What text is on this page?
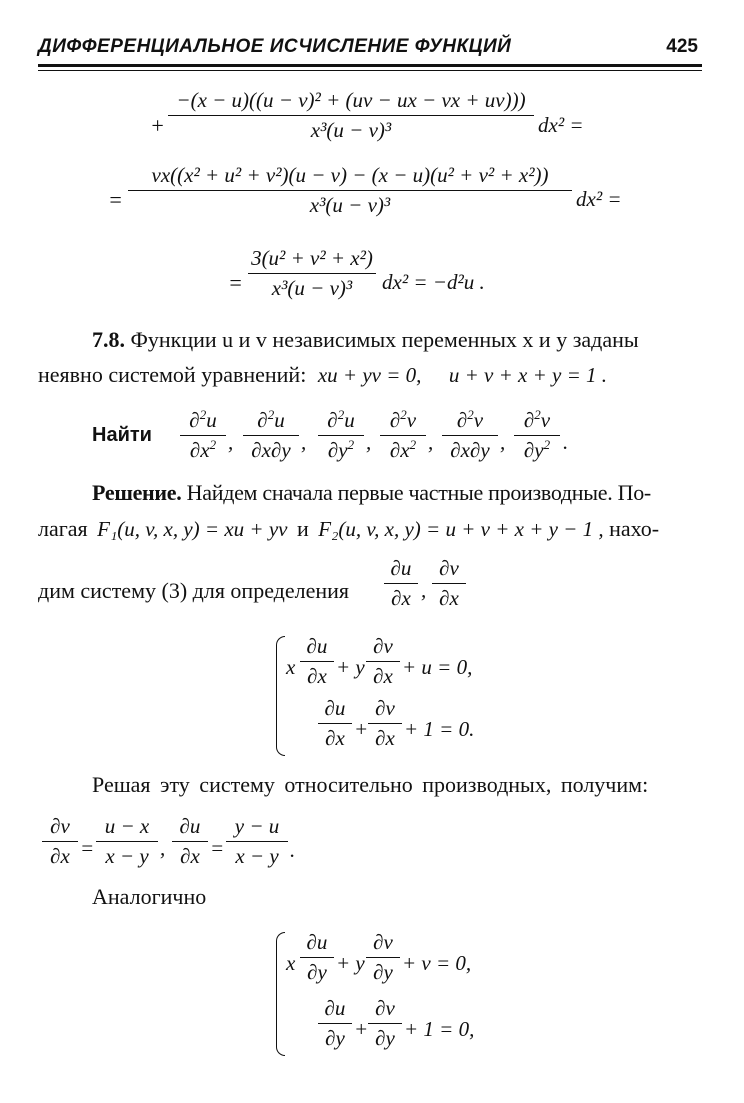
ДИФФЕРЕНЦИАЛЬНОЕ ИСЧИСЛЕНИЕ ФУНКЦИЙ	425
+
−(x − u)((u − v)² + (uv − ux − vx + uv)))
x³(u − v)³	dx² =
=
vx((x² + u² + v²)(u − v) − (x − u)(u² + v² + x²))
x³(u − v)³	dx² =
=
3(u² + v² + x²)
x³(u − v)³	dx² = −d²u .
7.8. Функции u и v независимых переменных x и y заданы
неявно системой уравнений: xu + yv = 0, u + v + x + y = 1 .
Найти
∂$^2$u
$\partial x^2$ ,
∂$^2$u
∂x∂y ,
∂$^2$u
$\partial y^2$ ,
∂$^2$v
$\partial x^2$ ,
∂$^2$v
∂x∂y ,
∂$^2$v
$\partial y^2$ .
Решение. Найдем сначала первые частные производные. По-
лагая F₁(u, v, x, y) = xu + yv и F₂(u, v, x, y) = u + v + x + y − 1 , нахо-
дим систему (3) для определения
∂u
∂x ,
∂v
∂x
x
∂u
∂x + y
∂v
∂x + u = 0,
∂u
∂x +
∂v
∂x + 1 = 0.
Решая эту систему относительно производных, получим:
∂v
∂x =
u − x
x − y ,
∂u
∂x =
y − u
x − y .
Аналогично
x
∂u
∂y + y
∂v
∂y + v = 0,
∂u
∂y +
∂v
∂y + 1 = 0,
